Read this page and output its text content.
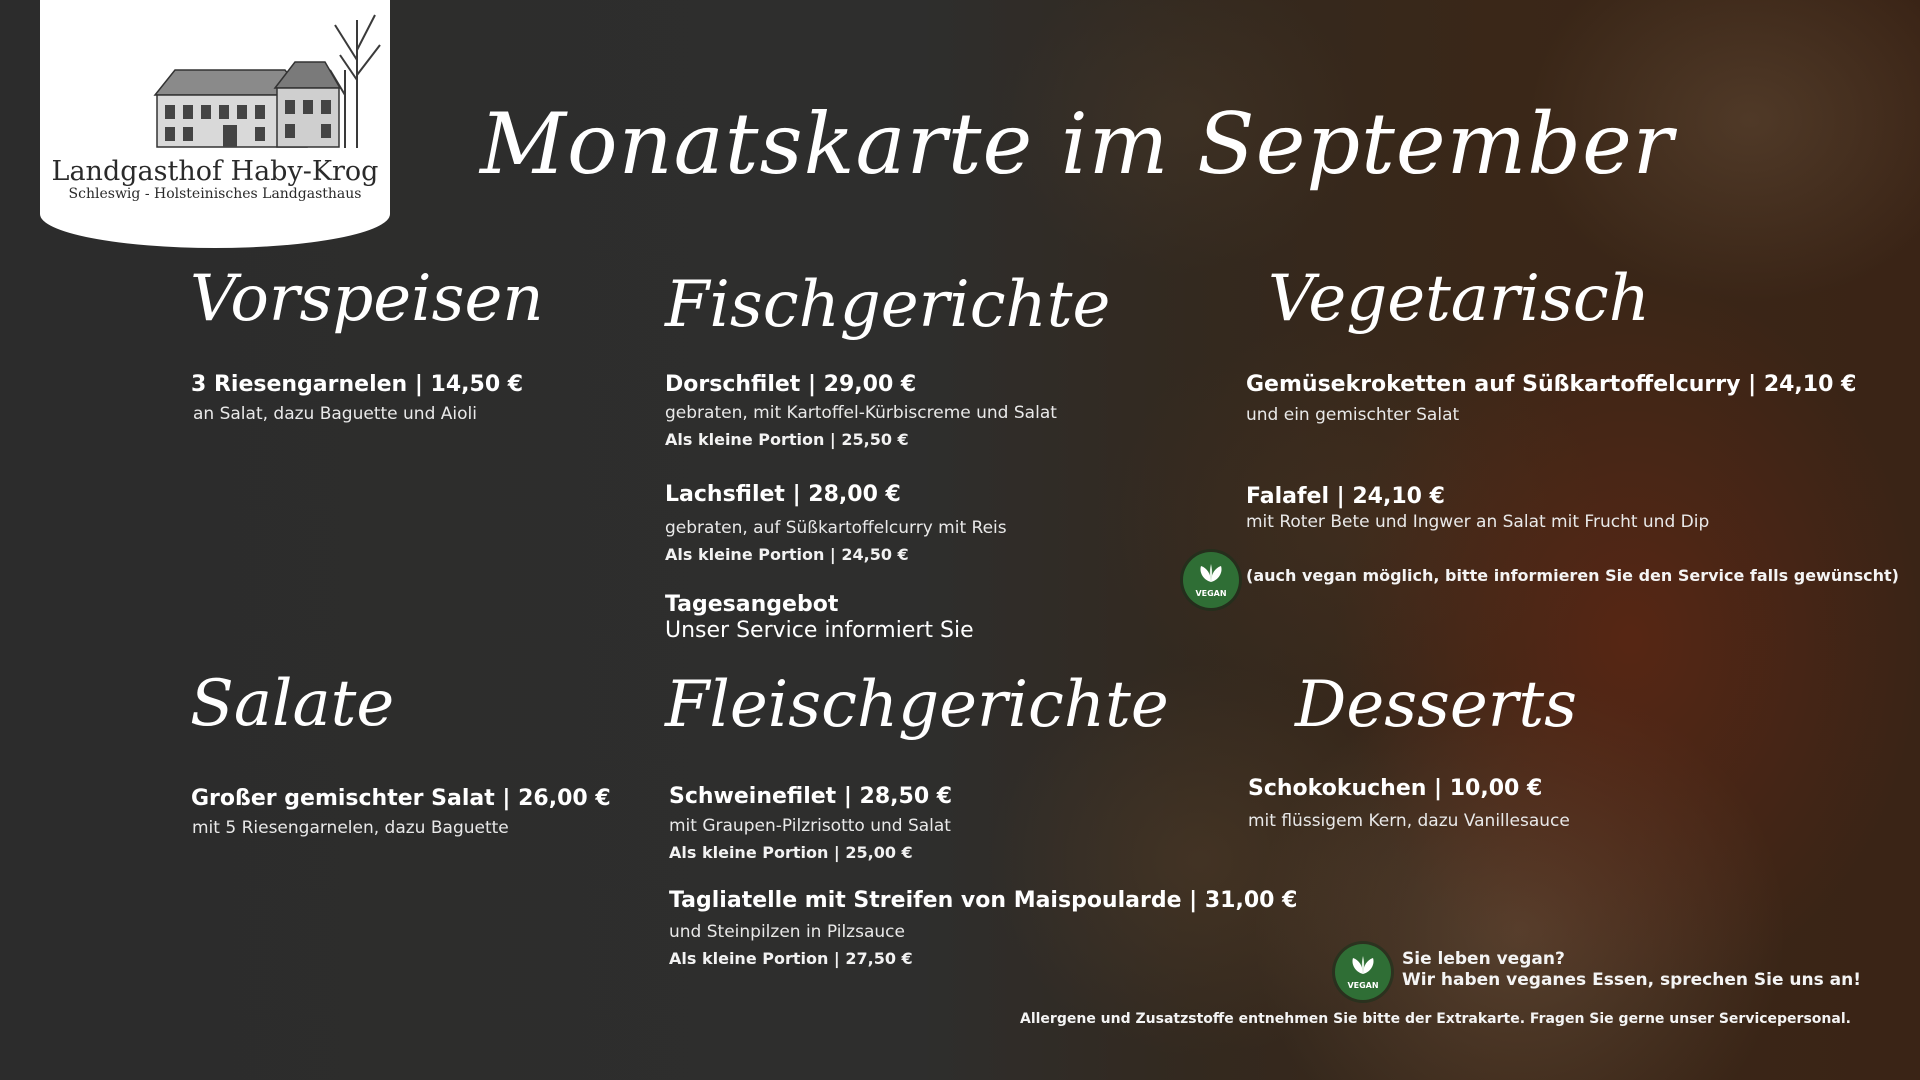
Landgasthof Haby-Krog
Schleswig - Holsteinisches Landgasthaus
Monatskarte im September
Vorspeisen
3 Riesengarnelen | 14,50 €
an Salat, dazu Baguette und Aioli
Fischgerichte
Dorschfilet | 29,00 €
gebraten, mit Kartoffel-Kürbiscreme und Salat
Als kleine Portion | 25,50 €
Lachsfilet | 28,00 €
gebraten, auf Süßkartoffelcurry mit Reis
Als kleine Portion | 24,50 €
Tagesangebot
Unser Service informiert Sie
Vegetarisch
Gemüsekroketten auf Süßkartoffelcurry | 24,10 €
und ein gemischter Salat
Falafel | 24,10 €
mit Roter Bete und Ingwer an Salat mit Frucht und Dip
VEGAN
(auch vegan möglich, bitte informieren Sie den Service falls gewünscht)
Salate
Großer gemischter Salat | 26,00 €
mit 5 Riesengarnelen, dazu Baguette
Fleischgerichte
Schweinefilet | 28,50 €
mit Graupen-Pilzrisotto und Salat
Als kleine Portion | 25,00 €
Tagliatelle mit Streifen von Maispoularde | 31,00 €
und Steinpilzen in Pilzsauce
Als kleine Portion | 27,50 €
Desserts
Schokokuchen | 10,00 €
mit flüssigem Kern, dazu Vanillesauce
VEGAN
Sie leben vegan?
Wir haben veganes Essen, sprechen Sie uns an!
Allergene und Zusatzstoffe entnehmen Sie bitte der Extrakarte. Fragen Sie gerne unser Servicepersonal.
